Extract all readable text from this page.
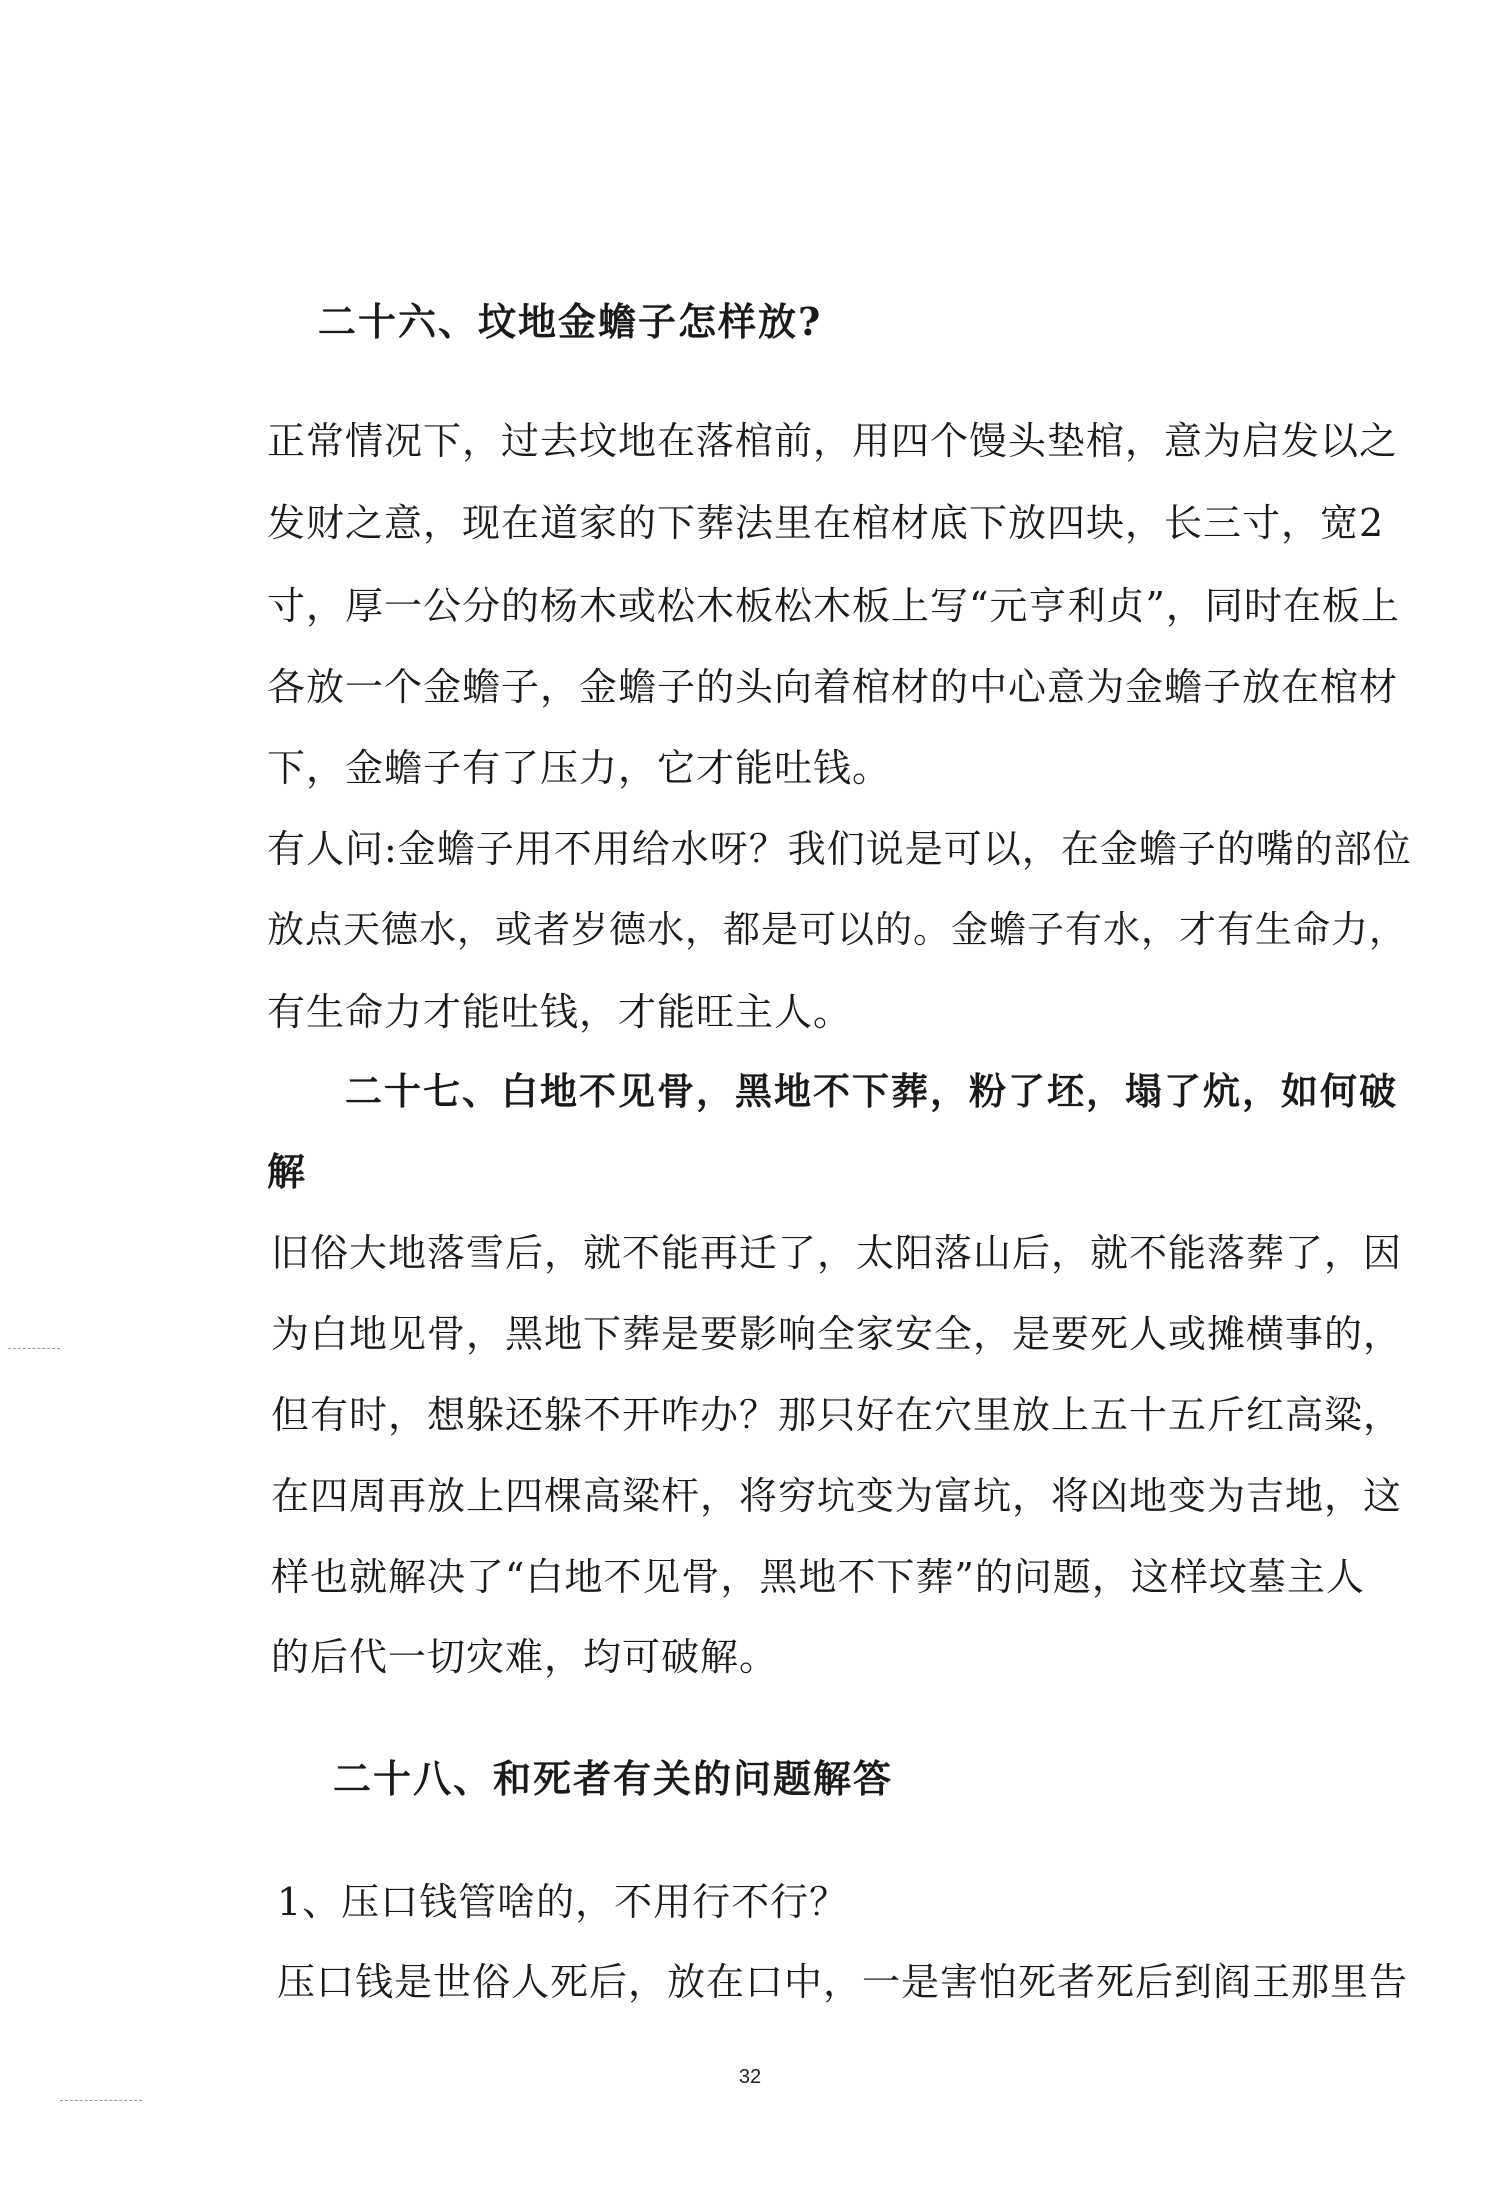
二十六、坟地金蟾子怎样放?
正常情况下，过去坟地在落棺前，用四个馒头垫棺，意为启发以之
发财之意，现在道家的下葬法里在棺材底下放四块，长三寸，宽2
寸，厚一公分的杨木或松木板松木板上写“元亨利贞”，同时在板上
各放一个金蟾子，金蟾子的头向着棺材的中心意为金蟾子放在棺材
下，金蟾子有了压力，它才能吐钱。
有人问:金蟾子用不用给水呀？我们说是可以，在金蟾子的嘴的部位
放点天德水，或者岁德水，都是可以的。金蟾子有水，才有生命力，
有生命力才能吐钱，才能旺主人。
二十七、白地不见骨，黑地不下葬，粉了坯，塌了炕，如何破
解
旧俗大地落雪后，就不能再迁了，太阳落山后，就不能落葬了，因
为白地见骨，黑地下葬是要影响全家安全，是要死人或摊横事的，
但有时，想躲还躲不开咋办？那只好在穴里放上五十五斤红高粱，
在四周再放上四棵高粱杆，将穷坑变为富坑，将凶地变为吉地，这
样也就解决了“白地不见骨，黑地不下葬”的问题，这样坟墓主人
的后代一切灾难，均可破解。
二十八、和死者有关的问题解答
1、压口钱管啥的，不用行不行？
压口钱是世俗人死后，放在口中，一是害怕死者死后到阎王那里告
32
